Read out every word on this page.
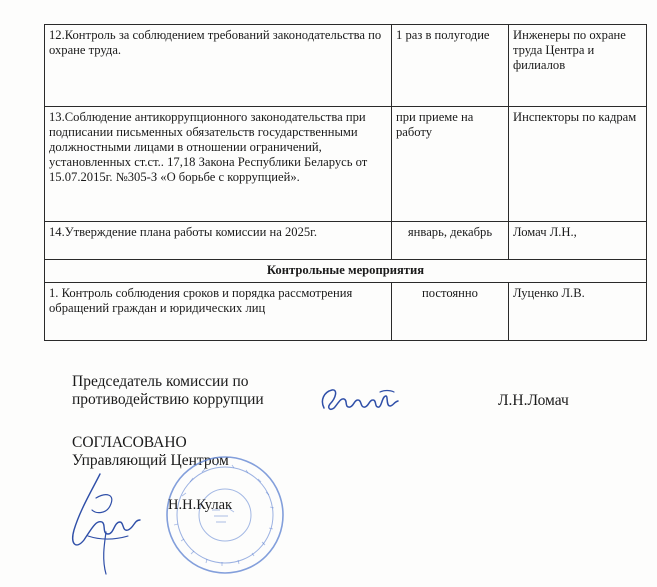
12.Контроль за соблюдением требований законодательства по охране труда.	1 раз в полугодие	Инженеры по охране труда Центра и филиалов
13.Соблюдение антикоррупционного законодательства при подписании письменных обязательств государственными должностными лицами в отношении ограничений, установленных ст.ст.. 17,18 Закона Республики Беларусь от 15.07.2015г. №305-З «О борьбе с коррупцией».	при приеме на работу	Инспекторы по кадрам
14.Утверждение плана работы комиссии на 2025г.	январь, декабрь	Ломач Л.Н.,
Контрольные мероприятия		
1. Контроль соблюдения сроков и порядка рассмотрения обращений граждан и юридических лиц	постоянно	Луценко Л.В.
Председатель комиссии по
противодействию коррупции	Л.Н.Ломач
СОГЛАСОВАНО
Управляющий Центром
Н.Н.Кулак
